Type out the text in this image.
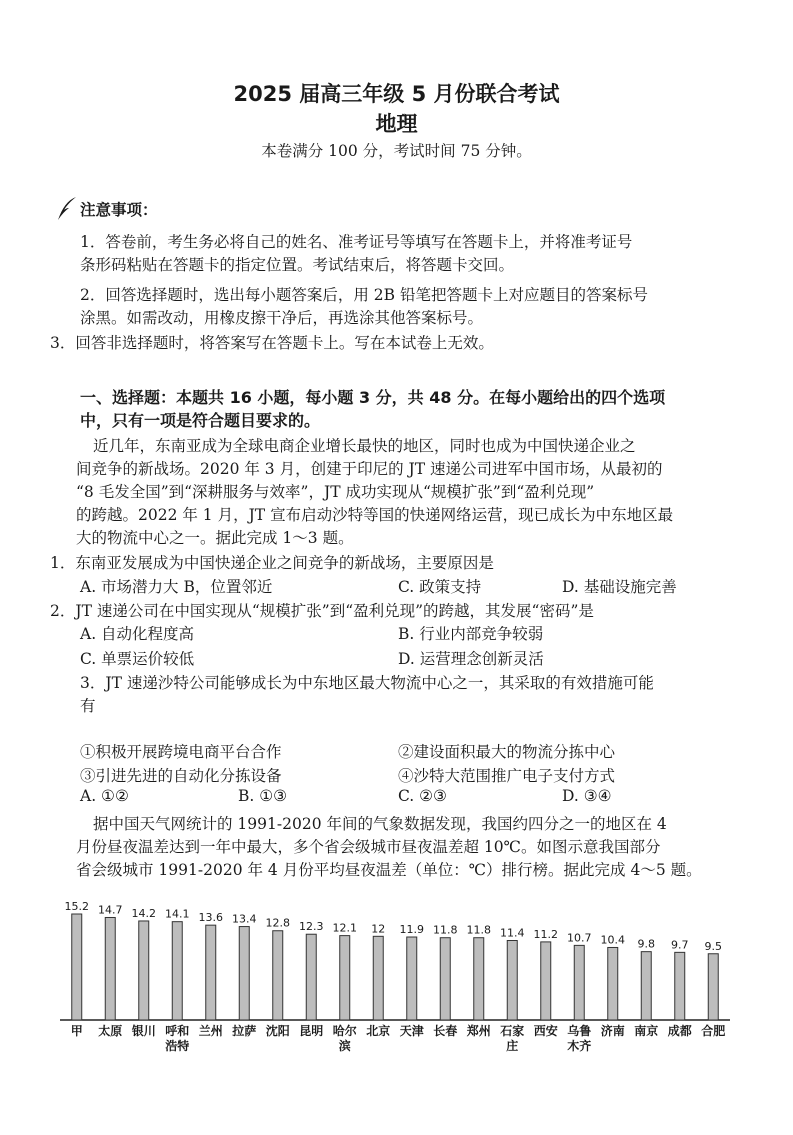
2025 届高三年级 5 月份联合考试
地理
本卷满分 100 分，考试时间 75 分钟。
注意事项：
1．答卷前，考生务必将自己的姓名、准考证号等填写在答题卡上，并将准考证号
条形码粘贴在答题卡的指定位置。考试结束后，将答题卡交回。
2．回答选择题时，选出每小题答案后，用 2B 铅笔把答题卡上对应题目的答案标号
涂黑。如需改动，用橡皮擦干净后，再选涂其他答案标号。
3．回答非选择题时，将答案写在答题卡上。写在本试卷上无效。
一、选择题：本题共 16 小题，每小题 3 分，共 48 分。在每小题给出的四个选项
中，只有一项是符合题目要求的。
近几年，东南亚成为全球电商企业增长最快的地区，同时也成为中国快递企业之
间竞争的新战场。2020 年 3 月，创建于印尼的 JT 速递公司进军中国市场，从最初的
“8 毛发全国”到“深耕服务与效率”，JT 成功实现从“规模扩张”到“盈利兑现”
的跨越。2022 年 1 月，JT 宣布启动沙特等国的快递网络运营，现已成长为中东地区最
大的物流中心之一。据此完成 1～3 题。
1．东南亚发展成为中国快递企业之间竞争的新战场，主要原因是
A. 市场潜力大 B，位置邻近	C. 政策支持	D. 基础设施完善
2．JT 速递公司在中国实现从“规模扩张”到“盈利兑现”的跨越，其发展“密码”是
A. 自动化程度高	B. 行业内部竞争较弱
C. 单票运价较低	D. 运营理念创新灵活
3．JT 速递沙特公司能够成长为中东地区最大物流中心之一，其采取的有效措施可能
有
①积极开展跨境电商平台合作	②建设面积最大的物流分拣中心
③引进先进的自动化分拣设备	④沙特大范围推广电子支付方式
A. ①②	B. ①③	C. ②③	D. ③④
据中国天气网统计的 1991-2020 年间的气象数据发现，我国约四分之一的地区在 4
月份昼夜温差达到一年中最大，多个省会级城市昼夜温差超 10℃。如图示意我国部分
省会级城市 1991-2020 年 4 月份平均昼夜温差（单位：℃）排行榜。据此完成 4～5 题。
15.2
甲
14.7
太原
14.2
银川
14.1
呼和浩特
13.6
兰州
13.4
拉萨
12.8
沈阳
12.3
昆明
12.1
哈尔滨
12
北京
11.9
天津
11.8
长春
11.8
郑州
11.4
石家庄
11.2
西安
10.7
乌鲁木齐
10.4
济南
9.8
南京
9.7
成都
9.5
合肥
